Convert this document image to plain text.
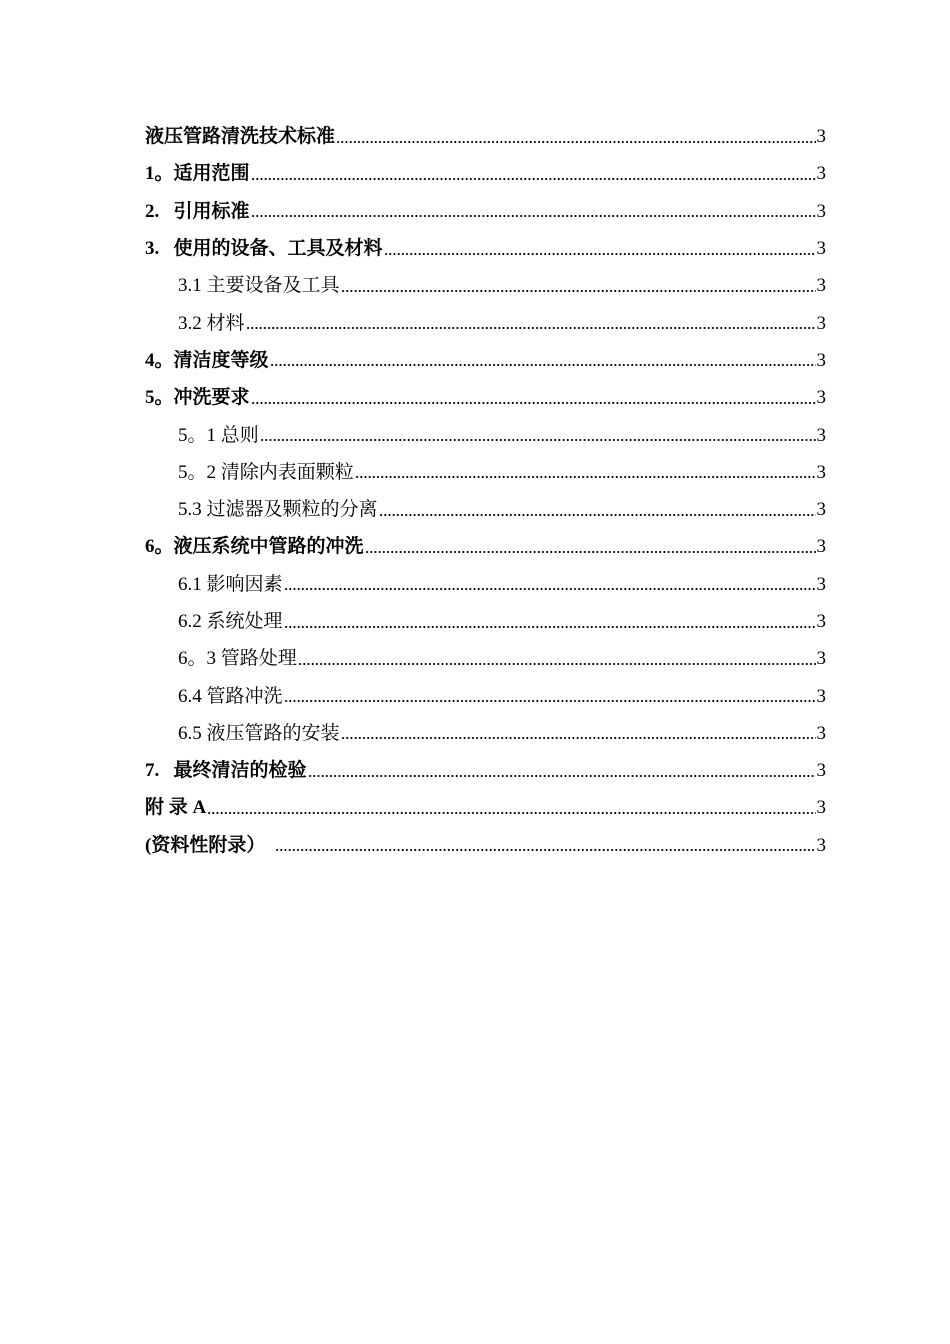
液压管路清洗技术标准	3
1。适用范围	3
2.   引用标准	3
3.   使用的设备、工具及材料	3
3.1 主要设备及工具	3
3.2 材料	3
4。清洁度等级	3
5。冲洗要求	3
5。1 总则	3
5。2 清除内表面颗粒	3
5.3 过滤器及颗粒的分离	3
6。液压系统中管路的冲洗	3
6.1 影响因素	3
6.2 系统处理	3
6。3 管路处理	3
6.4 管路冲洗	3
6.5 液压管路的安装	3
7.   最终清洁的检验	3
附 录 A	3
(资料性附录）	3
